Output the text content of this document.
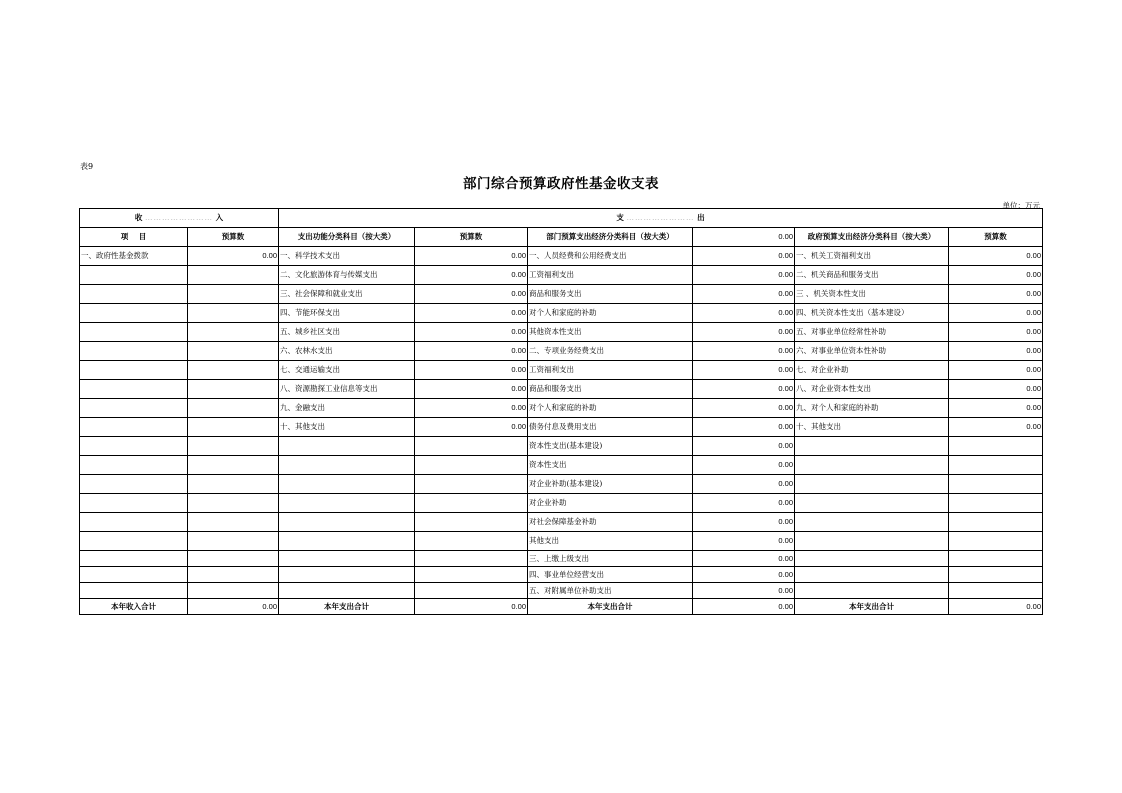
表9
部门综合预算政府性基金收支表
单位：万元
收 …………………… 入		支 …………………… 出					
项    目	预算数	支出功能分类科目（按大类）	预算数	部门预算支出经济分类科目（按大类）	0.00	政府预算支出经济分类科目（按大类）	预算数
一、政府性基金拨款	0.00	一、科学技术支出	0.00	一、人员经费和公用经费支出	0.00	一、机关工资福利支出	0.00
		二、文化旅游体育与传媒支出	0.00	工资福利支出	0.00	二、机关商品和服务支出	0.00
		三、社会保障和就业支出	0.00	商品和服务支出	0.00	三 、机关资本性支出	0.00
		四、节能环保支出	0.00	对个人和家庭的补助	0.00	四、机关资本性支出（基本建设）	0.00
		五、城乡社区支出	0.00	其他资本性支出	0.00	五、对事业单位经常性补助	0.00
		六、农林水支出	0.00	二、专项业务经费支出	0.00	六、对事业单位资本性补助	0.00
		七、交通运输支出	0.00	工资福利支出	0.00	七、对企业补助	0.00
		八、资源勘探工业信息等支出	0.00	商品和服务支出	0.00	八、对企业资本性支出	0.00
		九、金融支出	0.00	对个人和家庭的补助	0.00	九、对个人和家庭的补助	0.00
		十、其他支出	0.00	债务付息及费用支出	0.00	十、其他支出	0.00
				资本性支出(基本建设)	0.00		
				资本性支出	0.00		
				对企业补助(基本建设)	0.00		
				对企业补助	0.00		
				对社会保障基金补助	0.00		
				其他支出	0.00		
				三、上缴上级支出	0.00		
				四、事业单位经营支出	0.00		
				五、对附属单位补助支出	0.00		
本年收入合计	0.00	本年支出合计	0.00	本年支出合计	0.00	本年支出合计	0.00
